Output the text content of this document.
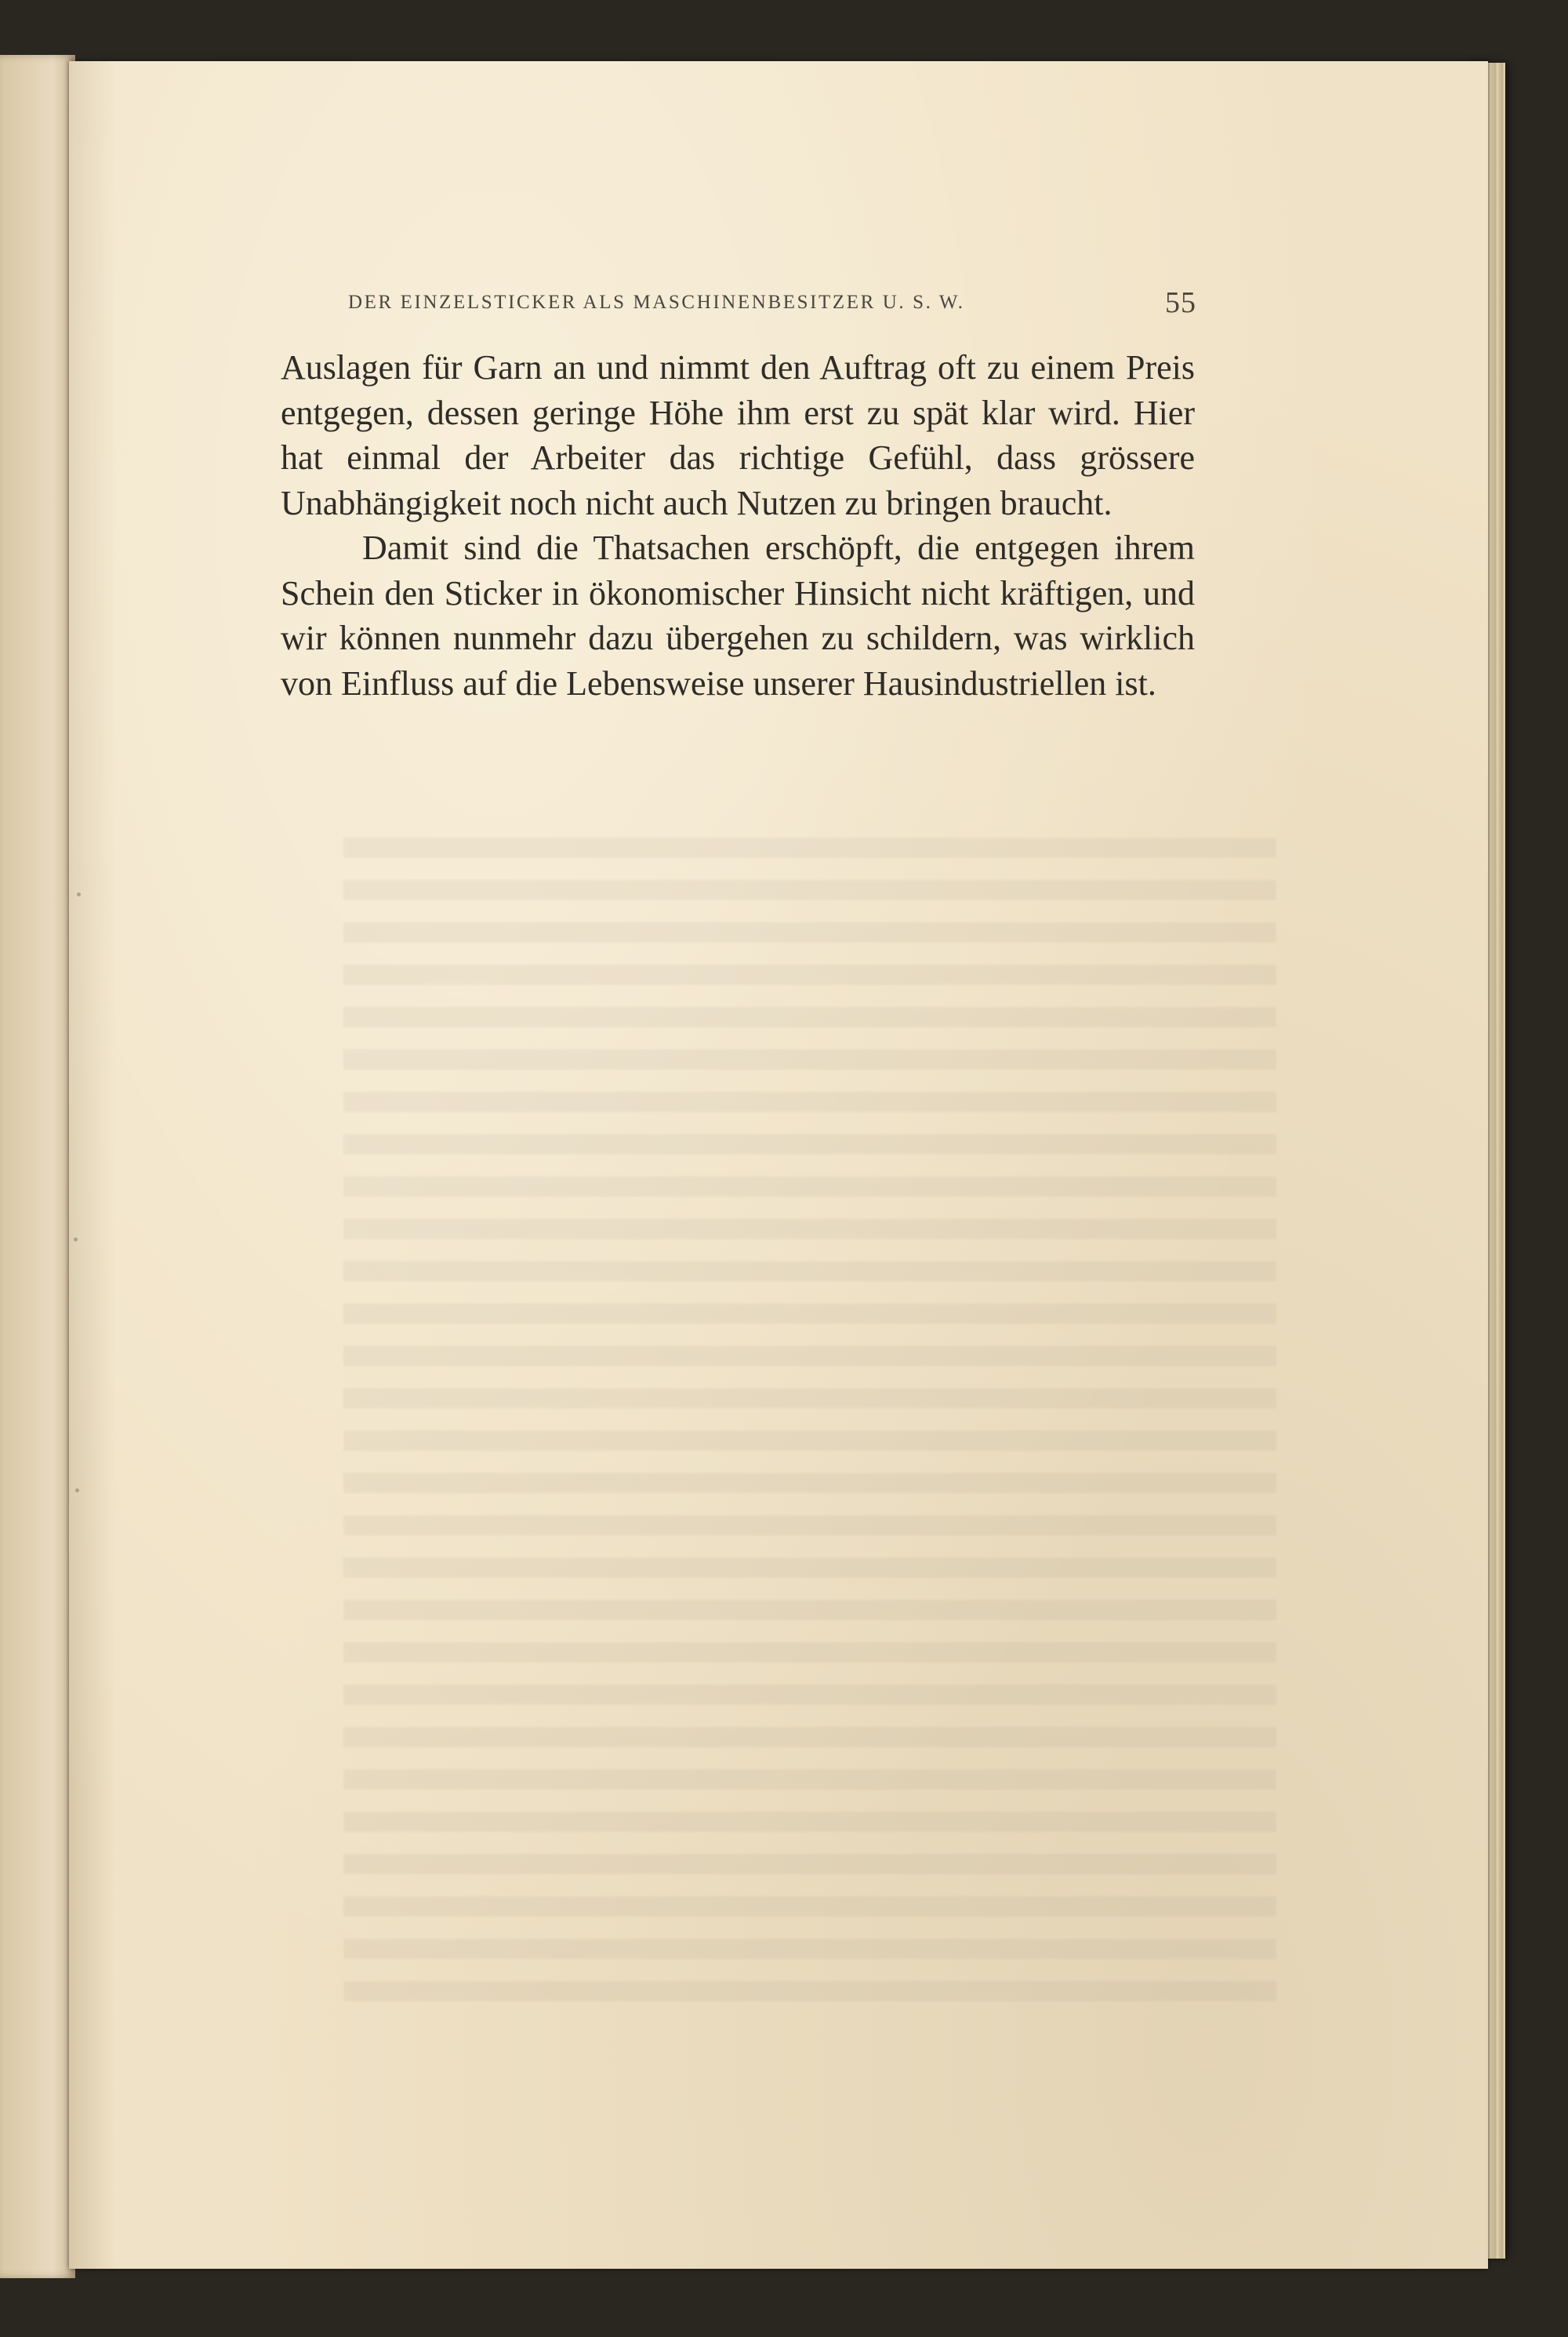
DER EINZELSTICKER ALS MASCHINENBESITZER U. S. W.	55

Auslagen für Garn an und nimmt den Auftrag oft zu einem Preis entgegen, dessen geringe Höhe ihm erst zu spät klar wird. Hier hat einmal der Arbeiter das richtige Gefühl, dass grössere Unabhängigkeit noch nicht auch Nutzen zu bringen braucht.

Damit sind die Thatsachen erschöpft, die entgegen ihrem Schein den Sticker in ökonomischer Hinsicht nicht kräftigen, und wir können nunmehr dazu übergehen zu schildern, was wirklich von Einfluss auf die Lebensweise unserer Hausindustriellen ist.
